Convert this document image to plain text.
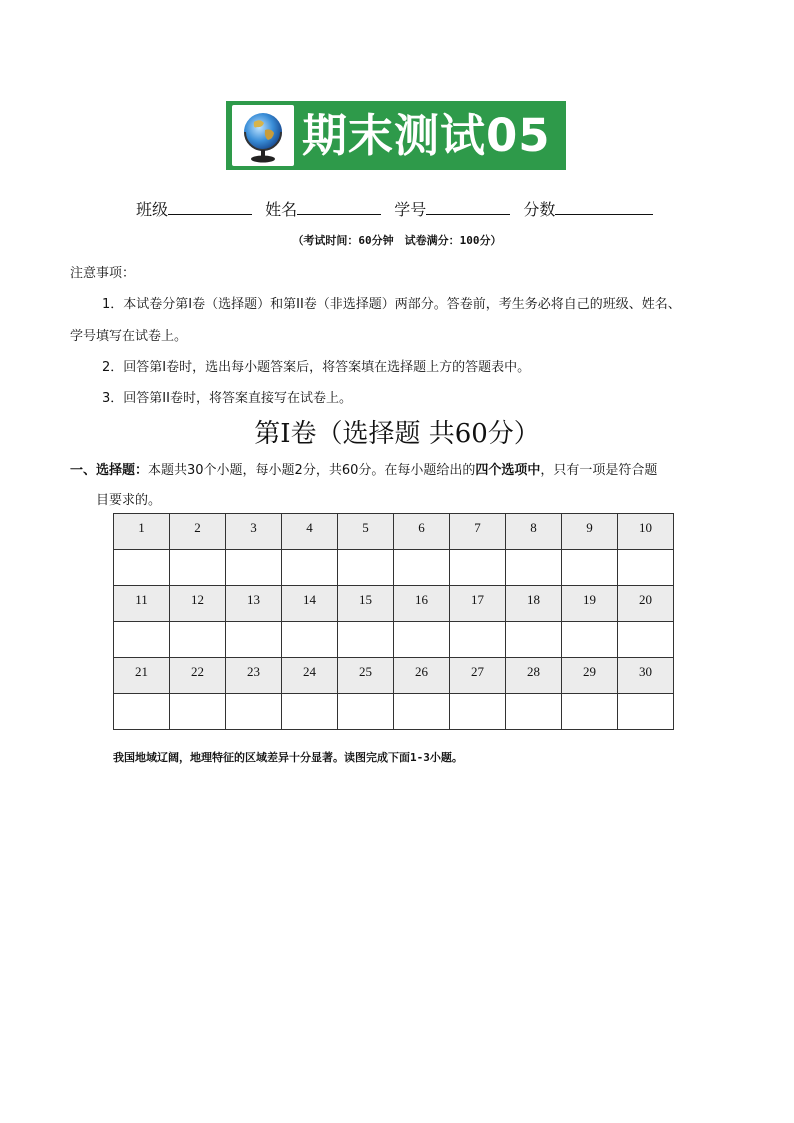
期末测试05
班级	姓名	学号	分数
（考试时间：60分钟　试卷满分：100分）
注意事项：
1．本试卷分第I卷（选择题）和第II卷（非选择题）两部分。答卷前，考生务必将自己的班级、姓名、
学号填写在试卷上。
2．回答第I卷时，选出每小题答案后，将答案填在选择题上方的答题表中。
3．回答第II卷时，将答案直接写在试卷上。
第I卷（选择题 共60分）
一、选择题：本题共30个小题，每小题2分，共60分。在每小题给出的四个选项中，只有一项是符合题
目要求的。
1	2	3	4	5	6	7	8	9	10

11	12	13	14	15	16	17	18	19	20

21	22	23	24	25	26	27	28	29	30

我国地域辽阔，地理特征的区域差异十分显著。读图完成下面1-3小题。
